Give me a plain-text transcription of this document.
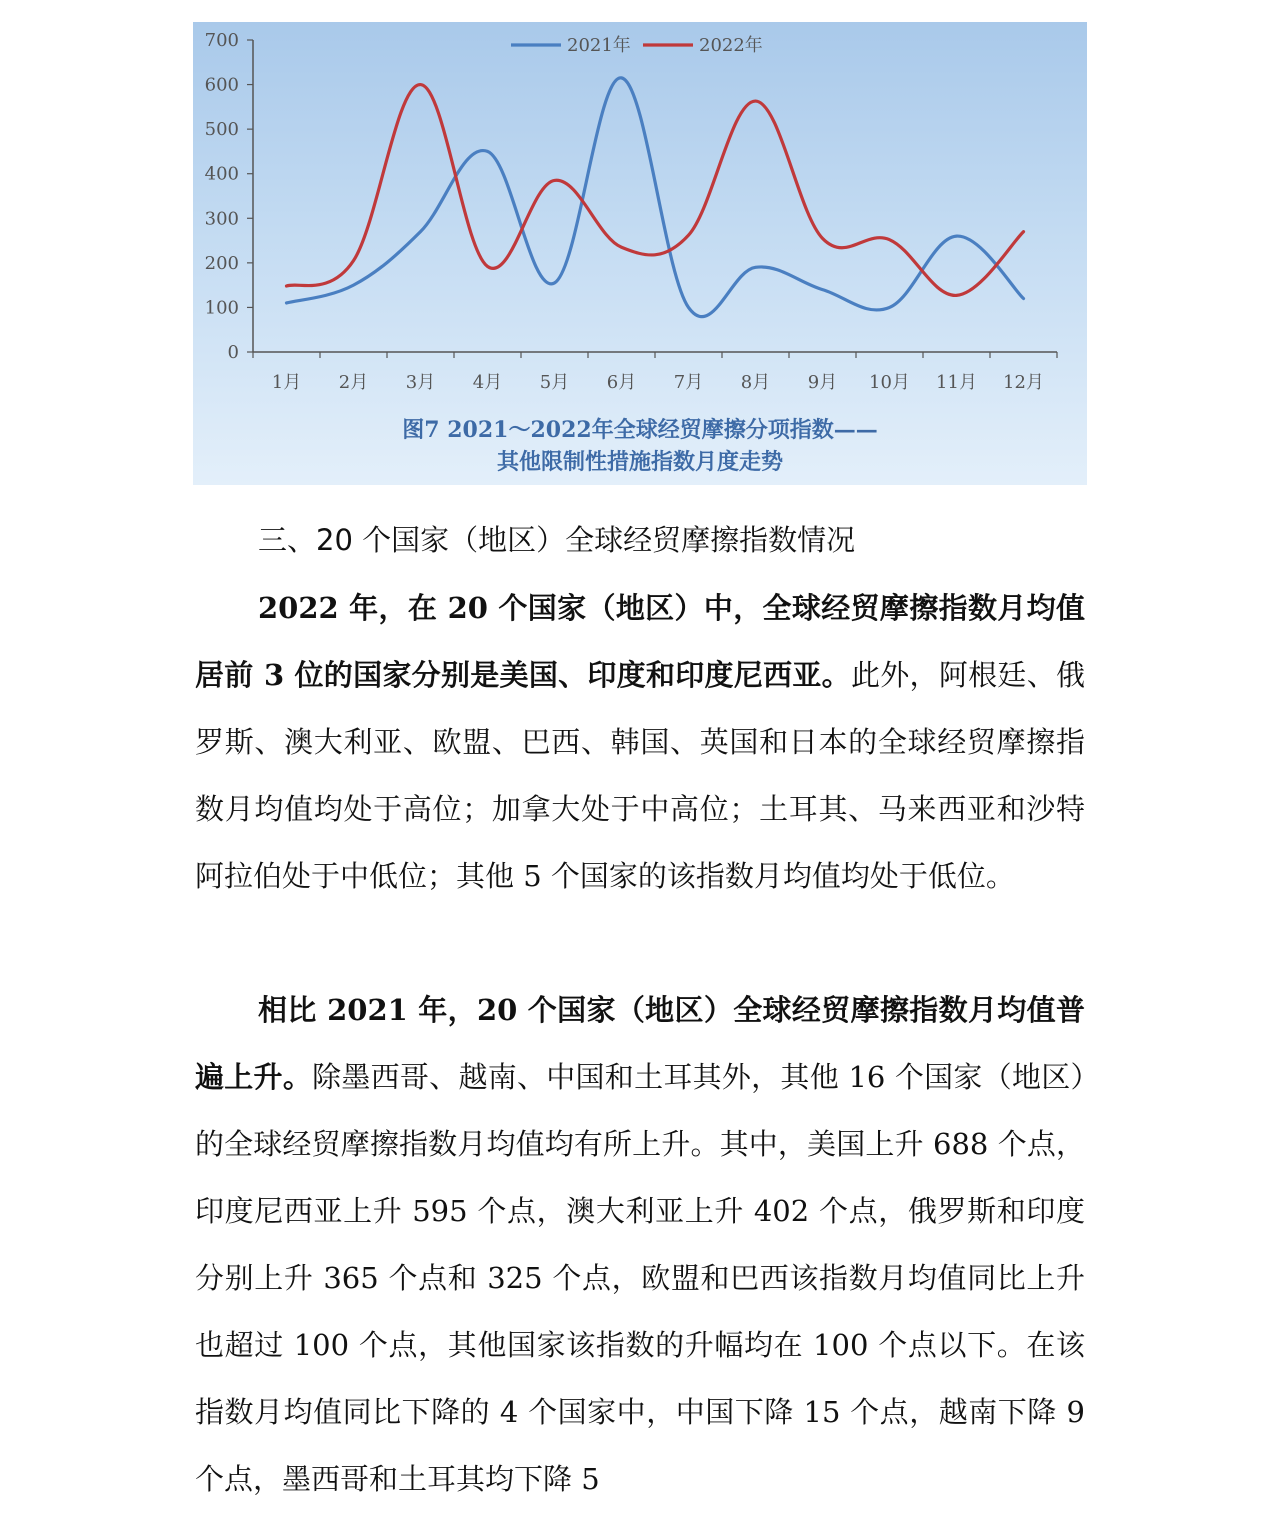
0
100
200
300
400
500
600
700
1月 2月 3月 4月 5月 6月 7月 8月 9月 10月 11月 12月
2021年	2022年
图7 2021～2022年全球经贸摩擦分项指数——
其他限制性措施指数月度走势
三、20 个国家（地区）全球经贸摩擦指数情况
2022 年，在 20 个国家（地区）中，全球经贸摩擦指数月均值居前 3 位的国家分别是美国、印度和印度尼西亚。此外，阿根廷、俄罗斯、澳大利亚、欧盟、巴西、韩国、英国和日本的全球经贸摩擦指数月均值均处于高位；加拿大处于中高位；土耳其、马来西亚和沙特阿拉伯处于中低位；其他 5 个国家的该指数月均值均处于低位。
相比 2021 年，20 个国家（地区）全球经贸摩擦指数月均值普遍上升。除墨西哥、越南、中国和土耳其外，其他 16 个国家（地区）的全球经贸摩擦指数月均值均有所上升。其中，美国上升 688 个点，印度尼西亚上升 595 个点，澳大利亚上升 402 个点，俄罗斯和印度分别上升 365 个点和 325 个点，欧盟和巴西该指数月均值同比上升也超过 100 个点，其他国家该指数的升幅均在 100 个点以下。在该指数月均值同比下降的 4 个国家中，中国下降 15 个点，越南下降 9 个点，墨西哥和土耳其均下降 5
